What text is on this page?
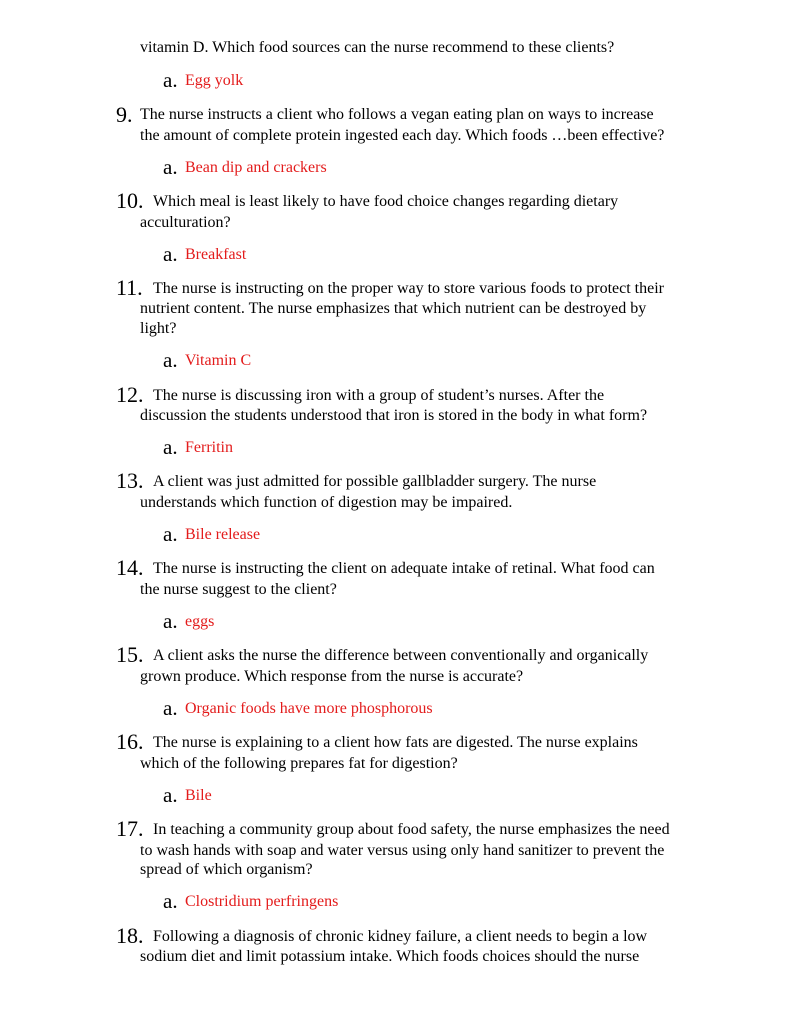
vitamin D. Which food sources can the nurse recommend to these clients?
a. Egg yolk
9. The nurse instructs a client who follows a vegan eating plan on ways to increase
the amount of complete protein ingested each day. Which foods …been effective?
a. Bean dip and crackers
10. Which meal is least likely to have food choice changes regarding dietary
acculturation?
a. Breakfast
11. The nurse is instructing on the proper way to store various foods to protect their
nutrient content. The nurse emphasizes that which nutrient can be destroyed by
light?
a. Vitamin C
12. The nurse is discussing iron with a group of student’s nurses. After the
discussion the students understood that iron is stored in the body in what form?
a. Ferritin
13. A client was just admitted for possible gallbladder surgery. The nurse
understands which function of digestion may be impaired.
a. Bile release
14. The nurse is instructing the client on adequate intake of retinal. What food can
the nurse suggest to the client?
a. eggs
15. A client asks the nurse the difference between conventionally and organically
grown produce. Which response from the nurse is accurate?
a. Organic foods have more phosphorous
16. The nurse is explaining to a client how fats are digested. The nurse explains
which of the following prepares fat for digestion?
a. Bile
17. In teaching a community group about food safety, the nurse emphasizes the need
to wash hands with soap and water versus using only hand sanitizer to prevent the
spread of which organism?
a. Clostridium perfringens
18. Following a diagnosis of chronic kidney failure, a client needs to begin a low
sodium diet and limit potassium intake. Which foods choices should the nurse
